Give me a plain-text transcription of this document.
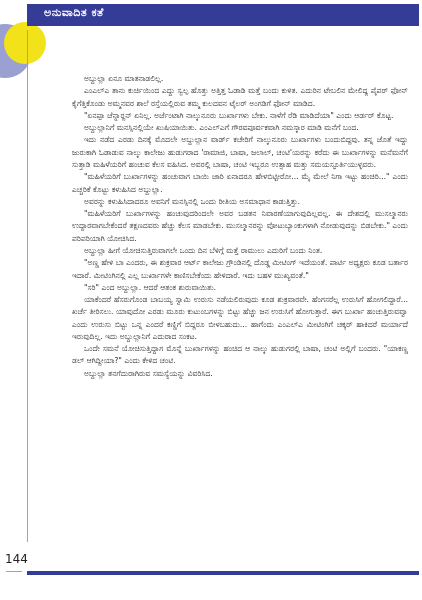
ಅನುವಾದಿತ ಕತೆ

ಅಬ್ದುಲ್ಲಾ ಏನೂ ಮಾತನಾಡಲಿಲ್ಲ.

ಎಂಎಲ್‌ಎ ತಾನು ಕುರ್ಚಿಯಿಂದ ಎದ್ದು ಸ್ವಲ್ಪ ಹೊತ್ತು ಅತ್ತಿತ್ತ ಓಡಾಡಿ ಮತ್ತೆ ಬಂದು ಕುಳಿತ. ಎದುರಿನ ಟೇಬಲಿನ ಮೇಲಿದ್ದ ಪೈಪರ್ ಫೋನ್ ಕೈಗೆತ್ತಿಕೊಂಡು ಅಮ್ಮನವರ ಶಾಲೆ ರಸ್ತೆಯಲ್ಲಿರುವ ತಮ್ಮ ಕುಲದವನ ಟೈಲರ್ ಅಂಗಡಿಗೆ ಫೋನ್ ಮಾಡಿದ.

"ಏನಪ್ಪಾ ಜೆನ್ನಾರ್‍ದನ್ ಏನಿಲ್ಲ. ಅರ್ಜೆಂಟಾಗಿ ನಾಲ್ಕುನೂರು ಬುರ್ಖಾಗಳು ಬೇಕು. ನಾಳೆಗೆ ರೆಡಿ ಮಾಡಿದೆಯಾ" ಎಂದು ಆರ್ಡರ್ ಕೊಟ್ಟ.

ಅಬ್ದುಲ್ಲಾನಿಗೆ ಮನಸ್ಸಿನಲ್ಲಿಯೇ ಖುಷಿಯಾಯಿತು. ಎಂಎಲ್‌ಎಗೆ ಗೌರವಪೂರ್ವಕವಾಗಿ ನಮಸ್ಕಾರ ಮಾಡಿ ಮನೆಗೆ ಬಂದ.

ಇದು ನಡೆದ ಎರಡು ದಿನಕ್ಕೆ ಮೊದಲೇ ಅಬ್ದುಲ್ಲಾನ ವಾರ್ಡ್ ಕಚೇರಿಗೆ ನಾಲ್ಕುನೂರು ಬುರ್ಖಾಗಳು ಬಂದುಬಿದ್ದವು. ತನ್ನ ಜೊತೆ ಇದ್ದು ಜುರುಕಾಗಿ ಓಡಾಡುವ ನಾಲ್ಕು ಕಾಲೇಜು ಹುಡುಗರಾದ 'ರಾಮಾಜಿ, ಬಾಷಾ, ಜಲಾಲ್, ಚಂಟಿ'ಯರನ್ನು ಕರೆದು ಈ ಬುರ್ಖಾಗಳನ್ನು ಮನೆಮನೆಗೆ ಸುತ್ತಾಡಿ ಮಹಿಳೆಯರಿಗೆ ಹಂಚುವ ಕೆಲಸ ವಹಿಸಿದ. ಅವರಲ್ಲಿ ಬಾಷಾ, ಚಂಟಿ ಇಬ್ಬರೂ ಉತ್ಸಾಹ ಮತ್ತು ಸಮಯಸ್ಫೂರ್ತಿಯುಳ್ಳವರು.

"ಮಹಿಳೆಯರಿಗೆ ಬುರ್ಖಾಗಳನ್ನು ಹಂಚುವಾಗ ಬಾಯಿ ಜಾರಿ ಏನಾದರೂ ಹೇಳಬಿಟ್ಟೀರೋ... ಮೈ ಮೇಲೆ ನಿಗಾ ಇಟ್ಟು ಹಂಚಿರಿ..." ಎಂದು ಎಚ್ಚರಿಕೆ ಕೊಟ್ಟು ಕಳುಹಿಸಿದ ಅಬ್ದುಲ್ಲಾ.

ಅವರನ್ನು ಕಳುಹಿಸಿದಾದರೂ ಅವನಿಗೆ ಮನಸ್ಸಿನಲ್ಲಿ ಒಂದು ರೀತಿಯ ಅಸಮಾಧಾನ ಕಾಡುತ್ತಿತ್ತು.

"ಮಹಿಳೆಯರಿಗೆ ಬುರ್ಖಾಗಳನ್ನು ಹಂಚುವುದರಿಂದಲೇ ಅವರ ಬಡತನ ನಿವಾರಣೆಯಾಗುವುದಿಲ್ಲವಲ್ಲ. ಈ ದೇಶದಲ್ಲಿ ಮುಸಲ್ಮಾನರು ಉದ್ಧಾರವಾಗಬೇಕೆಂದರೆ ತಕ್ಷಣದವರು ಹೆಚ್ಚು ಕೆಲಸ ಮಾಡಬೇಕು. ಮುಸಲ್ಮಾನರನ್ನು ವೋಟುಬ್ಯಾಂಕುಗಳಾಗಿ ನೋಡುವುದನ್ನು ಬಿಡಬೇಕು." ಎಂದು ಪರಿಪರಿಯಾಗಿ ಯೋಚಿಸಿದ.

ಅಬ್ದುಲ್ಲಾ ಹೀಗೆ ಯೋಚಿಸುತ್ತಿರುವಾಗಲೇ ಒಂದು ದಿನ ಬೆಳಿಗ್ಗೆ ಮತ್ತೆ ರಾಮುಲು ಎದುರಿಗೆ ಬಂದು ನಿಂತ.

"ಅಣ್ಣ ಹೇಳಿ ಬಾ ಎಂದರು, ಈ ಶುಕ್ರವಾರ ಆರ್ಟ್ ಕಾಲೇಜು ಗ್ರೌಂಡಿನಲ್ಲಿ ದೊಡ್ಡ ಮೀಟಿಂಗ್ ಇದೆಯಂತೆ. ಪಾರ್ಟಿ ಅಧ್ಯಕ್ಷರು ಕೂಡ ಬರ್ತಾರ ಇದಾರೆ. ಮೀಟಿಂಗಿನಲ್ಲಿ ಎಲ್ಲ ಬುರ್ಖಾಗಳೇ ಕಾಣಿಸಬೇಕೆಂದು ಹೇಳಿದಾರೆ. ಇದು ಬಹಳ ಮುಖ್ಯವಂತೆ."

"ಸರಿ" ಎಂದ ಅಬ್ದುಲ್ಲಾ. ಆದರೆ ಆತಂಕ ಶುರುವಾಯಿತು.

ಯಾಕೆಂದರೆ ಹೆಸರುಗೊಂಡ ಬಾಬಯ್ಯ ಸ್ವಾಮಿ ಉರುಸು ನಡೆಯಲಿರುವುದು ಕೂಡ ಶುಕ್ರವಾರವೇ. ಹೆಂಗಸರೆಲ್ಲ ಉರುಸಿಗೆ ಹೋಗಲಿದ್ದಾರೆ... ಖರ್ಚೆ ತೀರಿಸಲು. ಯಾವುದೋ ಎರಡು ಮೂರು ಕುಟುಂಬಗಳನ್ನು ಬಿಟ್ಟು ಹೆಚ್ಚು ಜನ ಉರುಸಿಗೆ ಹೋಗುತ್ತಾರೆ. ಈಗ ಬುರ್ಖಾ ಹಂಚುತ್ತಿರುವವ್ವಾ ಎಂದು ಉರುಸು ಬಿಟ್ಟು ಒನ್ನ ಎಂದರೆ ಕಣ್ಣಿಗೆ ಬಿದ್ದರೂ ಬೀಳಬಹುದು... ಹಾಗೆಂದು ಎಂಎಲ್‌ಎ ಮೀಟಿಂಗಿಗೆ ಚಕ್ಕರ್ ಹಾಕಿದರೆ ಮರ್ಯಾದೆ ಇರುವುದಿಲ್ಲ. ಇದು ಅಬ್ದುಲ್ಲಾನಿಗೆ ಎದುರಾದ ಸಂಕಟ.

ಒಂದೇ ಸಮನೆ ಯೋಚಿಸುತ್ತಿದ್ದಾಗ ಮೊನ್ನೆ ಬುರ್ಖಾಗಳನ್ನು ಹಂಚಿದ ಆ ನಾಲ್ಕು ಹುಡುಗರಲ್ಲಿ ಬಾಷಾ, ಚಂಟಿ ಅಲ್ಲಿಗೆ ಬಂದರು. "ಯಾಕಣ್ಣ ಡಲ್ ಆಗಿದ್ದೀಯಾ?" ಎಂದು ಕೇಳಿದ ಚಂಟಿ.

ಅಬ್ದುಲ್ಲಾ ತನಗೆದುರಾಗಿರುವ ಸಮಸ್ಯೆಯನ್ನು ವಿವರಿಸಿದ.

144
